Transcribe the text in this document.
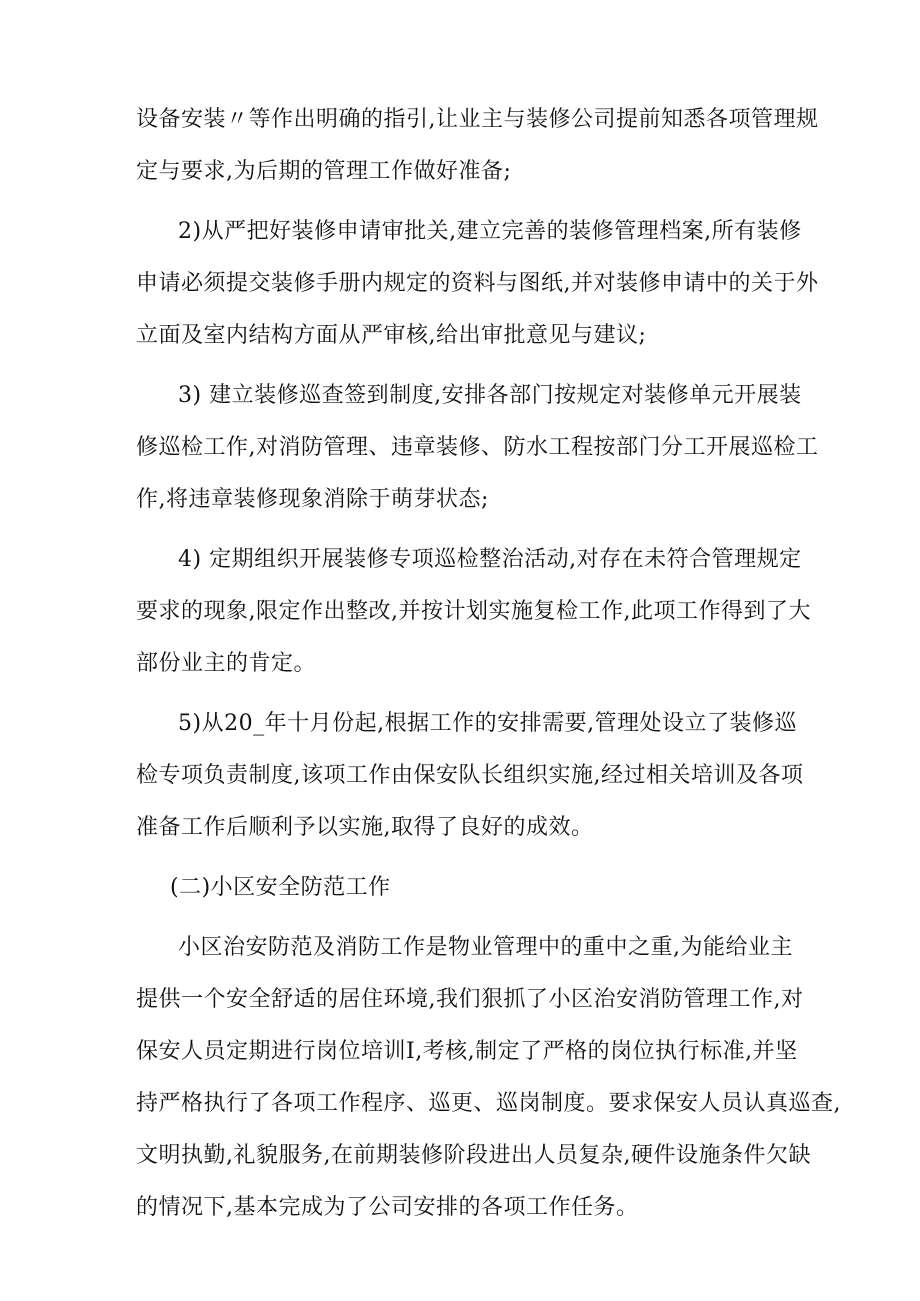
设备安装〃等作出明确的指引,让业主与装修公司提前知悉各项管理规
定与要求,为后期的管理工作做好准备;
2)从严把好装修申请审批关,建立完善的装修管理档案,所有装修
申请必须提交装修手册内规定的资料与图纸,并对装修申请中的关于外
立面及室内结构方面从严审核,给出审批意见与建议;
3) 建立装修巡查签到制度,安排各部门按规定对装修单元开展装
修巡检工作,对消防管理、违章装修、防水工程按部门分工开展巡检工
作,将违章装修现象消除于萌芽状态;
4) 定期组织开展装修专项巡检整治活动,对存在未符合管理规定
要求的现象,限定作出整改,并按计划实施复检工作,此项工作得到了大
部份业主的肯定。
5)从20_年十月份起,根据工作的安排需要,管理处设立了装修巡
检专项负责制度,该项工作由保安队长组织实施,经过相关培训及各项
准备工作后顺利予以实施,取得了良好的成效。
(二)小区安全防范工作
小区治安防范及消防工作是物业管理中的重中之重,为能给业主
提供一个安全舒适的居住环境,我们狠抓了小区治安消防管理工作,对
保安人员定期进行岗位培训I,考核,制定了严格的岗位执行标准,并坚
持严格执行了各项工作程序、巡更、巡岗制度。要求保安人员认真巡查,
文明执勤,礼貌服务,在前期装修阶段进出人员复杂,硬件设施条件欠缺
的情况下,基本完成为了公司安排的各项工作任务。
